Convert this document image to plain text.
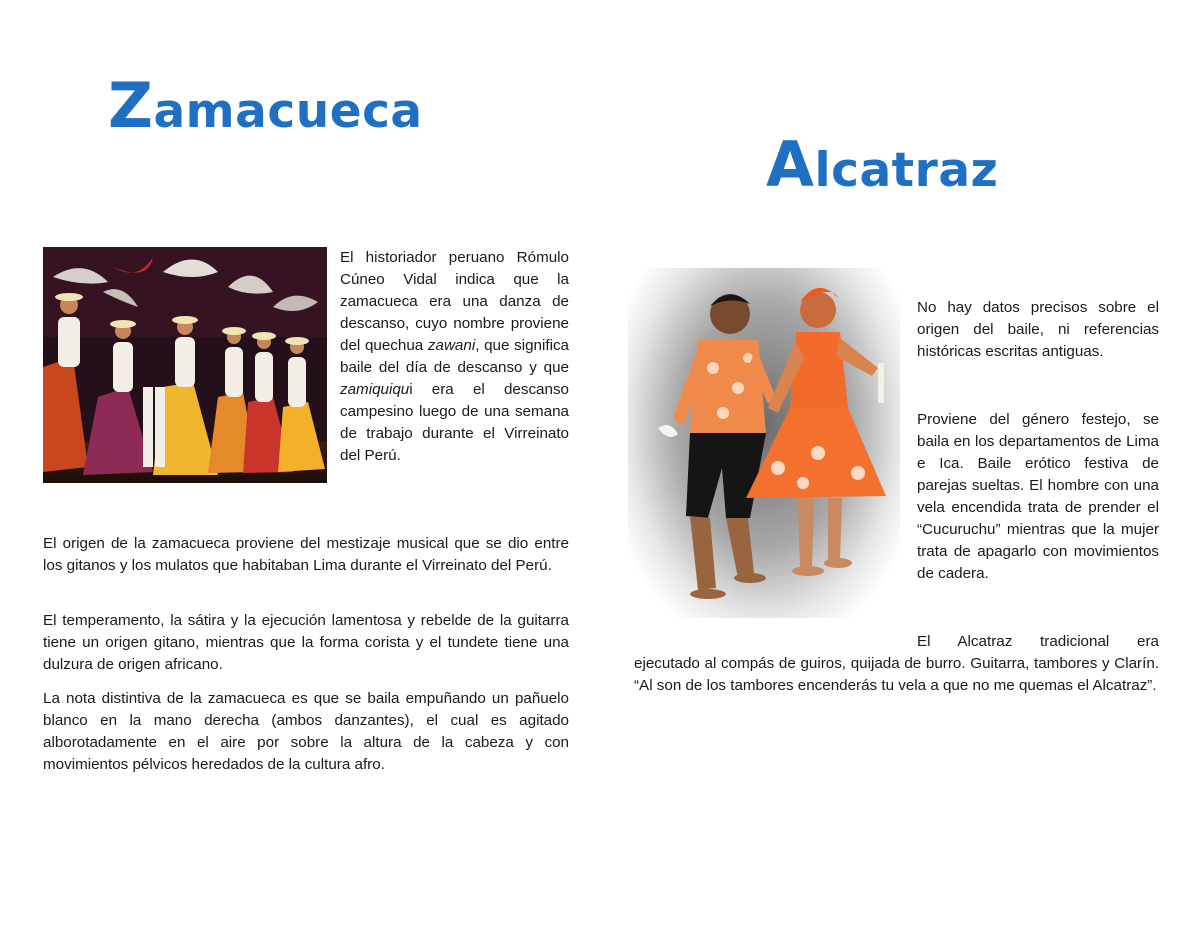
Zamacueca
Alcatraz

El historiador peruano Rómulo Cúneo Vidal indica que la zamacueca era una danza de descanso, cuyo nombre proviene del quechua zawani, que significa baile del día de descanso y que zamiquiqui era el descanso campesino luego de una semana de trabajo durante el Virreinato del Perú.

El origen de la zamacueca proviene del mestizaje musical que se dio entre los gitanos y los mulatos que habitaban Lima durante el Virreinato del Perú.

El temperamento, la sátira y la ejecución lamentosa y rebelde de la guitarra tiene un origen gitano, mientras que la forma corista y el tundete tiene una dulzura de origen africano.

La nota distintiva de la zamacueca es que se baila empuñando un pañuelo blanco en la mano derecha (ambos danzantes), el cual es agitado alborotadamente en el aire por sobre la altura de la cabeza y con movimientos pélvicos heredados de la cultura afro.

No hay datos precisos sobre el origen del baile, ni referencias históricas escritas antiguas.

Proviene del género festejo, se baila en los departamentos de Lima e Ica. Baile erótico festiva de parejas sueltas. El hombre con una vela encendida trata de prender el “Cucuruchu” mientras que la mujer trata de apagarlo con movimientos de cadera.

El Alcatraz tradicional era

ejecutado al compás de guiros, quijada de burro. Guitarra, tambores y Clarín. “Al son de los tambores encenderás tu vela a que no me quemas el Alcatraz”.
